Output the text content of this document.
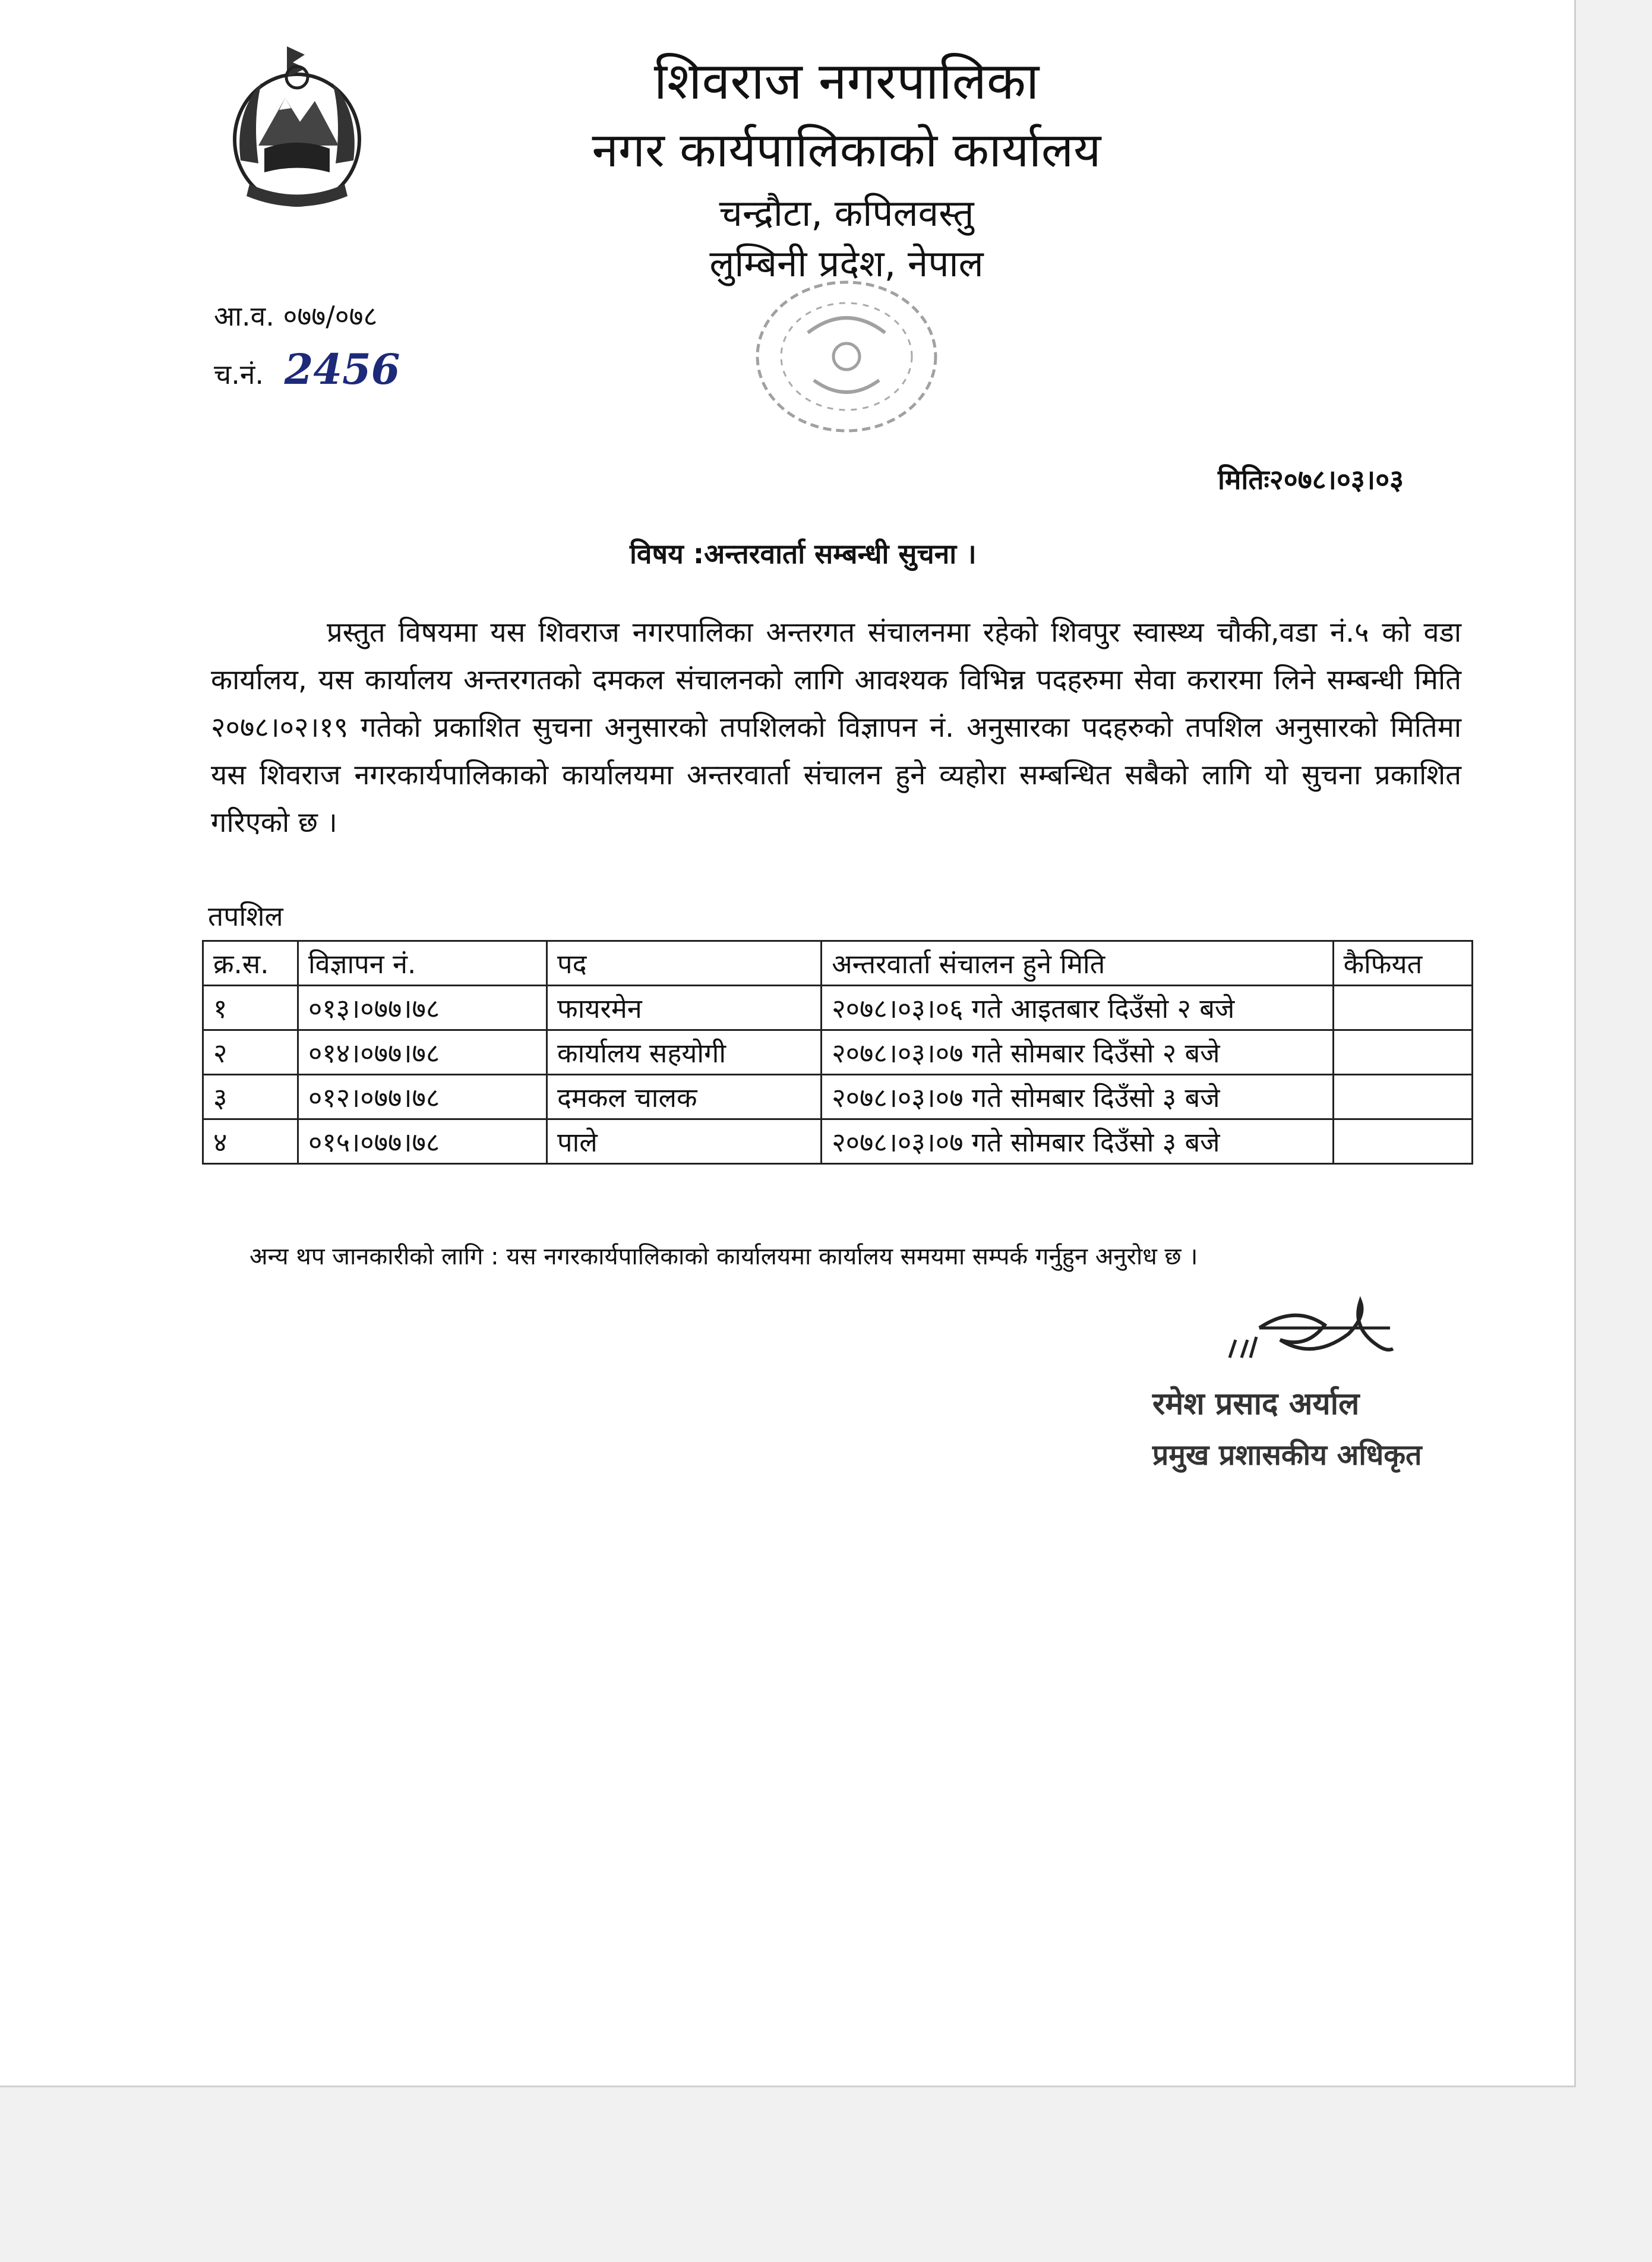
शिवराज नगरपालिका
नगर कार्यपालिकाको कार्यालय
चन्द्रौटा, कपिलवस्तु
लुम्बिनी प्रदेश, नेपाल
आ.व. ०७७/०७८
च.नं. 2456
मितिः२०७८।०३।०३
विषय :अन्तरवार्ता सम्बन्धी सुचना ।
प्रस्तुत विषयमा यस शिवराज नगरपालिका अन्तरगत संचालनमा रहेको शिवपुर स्वास्थ्य चौकी,वडा नं.५ को वडा कार्यालय, यस कार्यालय अन्तरगतको दमकल संचालनको लागि आवश्यक विभिन्न पदहरुमा सेवा करारमा लिने सम्बन्धी मिति २०७८।०२।१९ गतेको प्रकाशित सुचना अनुसारको तपशिलको विज्ञापन नं. अनुसारका पदहरुको तपशिल अनुसारको मितिमा यस शिवराज नगरकार्यपालिकाको कार्यालयमा अन्तरवार्ता संचालन हुने व्यहोरा सम्बन्धित सबैको लागि यो सुचना प्रकाशित गरिएको छ ।
तपशिल
क्र.स.	विज्ञापन नं.	पद	अन्तरवार्ता संचालन हुने मिति	कैफियत
१	०१३।०७७।७८	फायरमेन	२०७८।०३।०६ गते आइतबार दिउँसो २ बजे	
२	०१४।०७७।७८	कार्यालय सहयोगी	२०७८।०३।०७ गते सोमबार दिउँसो २ बजे	
३	०१२।०७७।७८	दमकल चालक	२०७८।०३।०७ गते सोमबार दिउँसो ३ बजे	
४	०१५।०७७।७८	पाले	२०७८।०३।०७ गते सोमबार दिउँसो ३ बजे	
अन्य थप जानकारीको लागि : यस नगरकार्यपालिकाको कार्यालयमा कार्यालय समयमा सम्पर्क गर्नुहुन अनुरोध छ ।
रमेश प्रसाद अर्याल
प्रमुख प्रशासकीय अधिकृत
